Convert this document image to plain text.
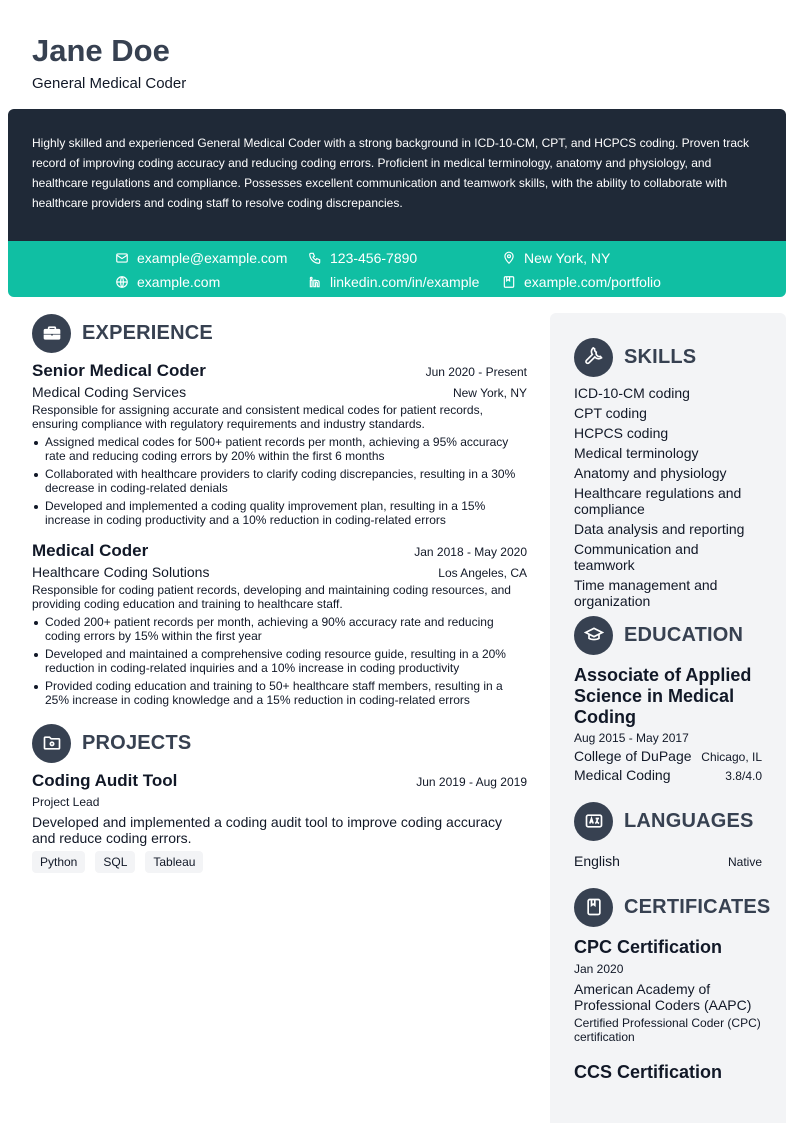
Jane Doe
General Medical Coder

Highly skilled and experienced General Medical Coder with a strong background in ICD-10-CM, CPT, and HCPCS coding. Proven track record of improving coding accuracy and reducing coding errors. Proficient in medical terminology, anatomy and physiology, and healthcare regulations and compliance. Possesses excellent communication and teamwork skills, with the ability to collaborate with healthcare providers and coding staff to resolve coding discrepancies.

example@example.com	123-456-7890	New York, NY
example.com	linkedin.com/in/example	example.com/portfolio
EXPERIENCE
Senior Medical Coder	Jun 2020 - Present
Medical Coding Services	New York, NY

Responsible for assigning accurate and consistent medical codes for patient records, ensuring compliance with regulatory requirements and industry standards.

Assigned medical codes for 500+ patient records per month, achieving a 95% accuracy rate and reducing coding errors by 20% within the first 6 months
Collaborated with healthcare providers to clarify coding discrepancies, resulting in a 30% decrease in coding-related denials
Developed and implemented a coding quality improvement plan, resulting in a 15% increase in coding productivity and a 10% reduction in coding-related errors
Medical Coder	Jan 2018 - May 2020
Healthcare Coding Solutions	Los Angeles, CA

Responsible for coding patient records, developing and maintaining coding resources, and providing coding education and training to healthcare staff.

Coded 200+ patient records per month, achieving a 90% accuracy rate and reducing coding errors by 15% within the first year
Developed and maintained a comprehensive coding resource guide, resulting in a 20% reduction in coding-related inquiries and a 10% increase in coding productivity
Provided coding education and training to 50+ healthcare staff members, resulting in a 25% increase in coding knowledge and a 15% reduction in coding-related errors
PROJECTS
Coding Audit Tool	Jun 2019 - Aug 2019
Project Lead

Developed and implemented a coding audit tool to improve coding accuracy and reduce coding errors.

Python	SQL	Tableau
SKILLS
ICD-10-CM coding
CPT coding
HCPCS coding
Medical terminology
Anatomy and physiology
Healthcare regulations and compliance
Data analysis and reporting
Communication and teamwork
Time management and organization
EDUCATION
Associate of Applied Science in Medical Coding
Aug 2015 - May 2017
College of DuPage Chicago, IL
Medical Coding	3.8/4.0
LANGUAGES
English	Native
CERTIFICATES
CPC Certification
Jan 2020
American Academy of Professional Coders (AAPC)
Certified Professional Coder (CPC) certification
CCS Certification
